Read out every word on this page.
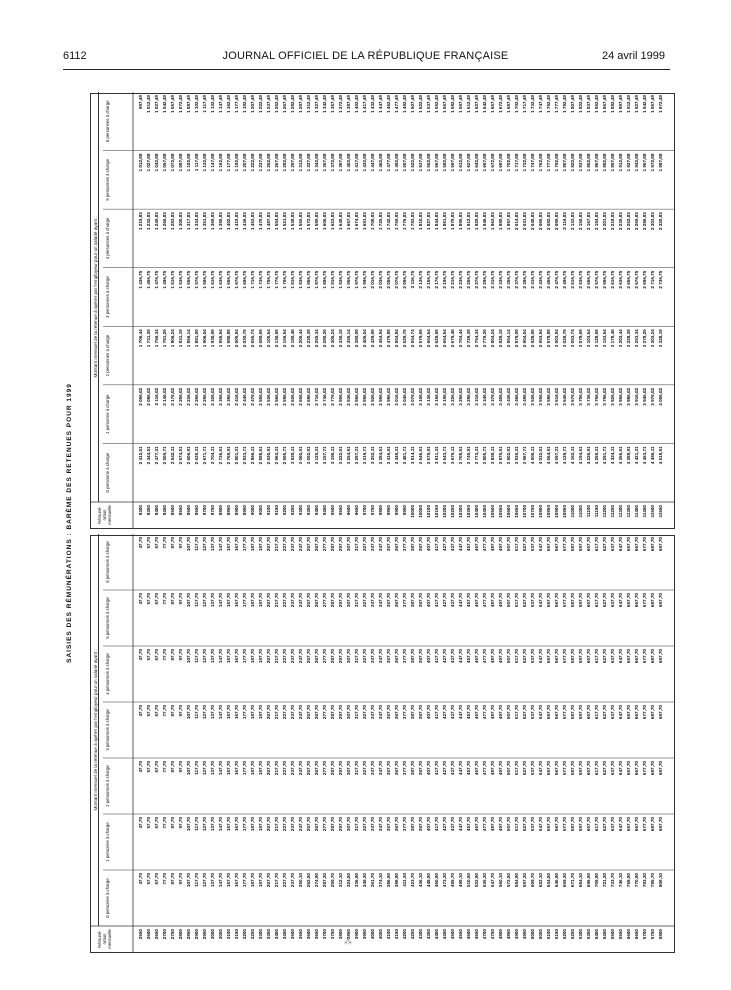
6112	JOURNAL OFFICIEL DE LA RÉPUBLIQUE FRANÇAISE	24 avril 1999
SAISIES DES RÉMUNÉRATIONS : BARÈME DES RETENUES POUR 1999
Rémuné-ration mensuelle
Montant mensuel de la retenue à opérer par l'employeur pour un salarié ayant :
0 personne à charge
1 personne à charge
2 personnes à charge
3 personnes à charge
4 personnes à charge
5 personnes à charge
6 personnes à charge
2550
47,70
47,70
47,70
47,70
47,70
47,70
47,70
2600
57,70
57,70
57,70
57,70
57,70
57,70
57,70
2650
67,70
67,70
67,70
67,70
67,70
67,70
67,70
2700
77,70
77,70
77,70
77,70
77,70
77,70
77,70
2750
87,70
87,70
87,70
87,70
87,70
87,70
87,70
2800
97,70
97,70
97,70
97,70
97,70
97,70
97,70
2850
107,70
107,70
107,70
107,70
107,70
107,70
107,70
2900
117,70
117,70
117,70
117,70
117,70
117,70
117,70
2950
127,70
127,70
127,70
127,70
127,70
127,70
127,70
3000
137,70
137,70
137,70
137,70
137,70
137,70
137,70
3050
147,70
147,70
147,70
147,70
147,70
147,70
147,70
3100
157,70
157,70
157,70
157,70
157,70
157,70
157,70
3150
167,70
167,70
167,70
167,70
167,70
167,70
167,70
3200
177,70
177,70
177,70
177,70
177,70
177,70
177,70
3250
187,70
187,70
187,70
187,70
187,70
187,70
187,70
3300
197,70
197,70
197,70
197,70
197,70
197,70
197,70
3350
207,70
207,70
207,70
207,70
207,70
207,70
207,70
3400
217,70
217,70
217,70
217,70
217,70
217,70
217,70
3450
227,70
227,70
227,70
227,70
227,70
227,70
227,70
3500
237,70
237,70
237,70
237,70
237,70
237,70
237,70
3550
250,10
247,70
247,70
247,70
247,70
247,70
247,70
3600
262,50
257,70
257,70
257,70
257,70
257,70
257,70
3650
274,90
267,70
267,70
267,70
267,70
267,70
267,70
3700
287,30
277,70
277,70
277,70
277,70
277,70
277,70
3750
299,70
287,70
287,70
287,70
287,70
287,70
287,70
3800
312,10
297,70
297,70
297,70
297,70
297,70
297,70
3850
324,50
307,70
307,70
307,70
307,70
307,70
307,70
3900
336,90
317,70
317,70
317,70
317,70
317,70
317,70
3950
349,30
327,70
327,70
327,70
327,70
327,70
327,70
4000
361,70
337,70
337,70
337,70
337,70
337,70
337,70
4050
374,10
347,70
347,70
347,70
347,70
347,70
347,70
4100
386,50
357,70
357,70
357,70
357,70
357,70
357,70
4150
398,90
367,70
367,70
367,70
367,70
367,70
367,70
4200
411,30
377,70
377,70
377,70
377,70
377,70
377,70
4250
423,70
387,70
387,70
387,70
387,70
387,70
387,70
4300
436,10
397,70
397,70
397,70
397,70
397,70
397,70
4350
448,50
407,70
407,70
407,70
407,70
407,70
407,70
4400
460,90
417,70
417,70
417,70
417,70
417,70
417,70
4450
473,30
427,70
427,70
427,70
427,70
427,70
427,70
4500
485,70
437,70
437,70
437,70
437,70
437,70
437,70
4550
498,10
447,70
447,70
447,70
447,70
447,70
447,70
4600
510,50
457,70
457,70
457,70
457,70
457,70
457,70
4650
522,90
467,70
467,70
467,70
467,70
467,70
467,70
4700
535,30
477,70
477,70
477,70
477,70
477,70
477,70
4750
547,70
487,70
487,70
487,70
487,70
487,70
487,70
4800
560,10
497,70
497,70
497,70
497,70
497,70
497,70
4850
572,50
507,70
507,70
507,70
507,70
507,70
507,70
4900
584,90
517,70
517,70
517,70
517,70
517,70
517,70
4950
597,30
527,70
527,70
527,70
527,70
527,70
527,70
5000
609,70
537,70
537,70
537,70
537,70
537,70
537,70
5050
622,10
547,70
547,70
547,70
547,70
547,70
547,70
5100
634,50
557,70
557,70
557,70
557,70
557,70
557,70
5150
646,90
567,70
567,70
567,70
567,70
567,70
567,70
5200
659,30
577,70
577,70
577,70
577,70
577,70
577,70
5250
671,70
587,70
587,70
587,70
587,70
587,70
587,70
5300
684,10
597,70
597,70
597,70
597,70
597,70
597,70
5350
696,50
607,70
607,70
607,70
607,70
607,70
607,70
5400
708,90
617,70
617,70
617,70
617,70
617,70
617,70
5450
721,30
627,70
627,70
627,70
627,70
627,70
627,70
5500
733,70
637,70
637,70
637,70
637,70
637,70
637,70
5550
746,10
647,70
647,70
647,70
647,70
647,70
647,70
5600
758,50
657,70
657,70
657,70
657,70
657,70
657,70
5650
770,90
667,70
667,70
667,70
667,70
667,70
667,70
5700
783,30
677,70
677,70
677,70
677,70
677,70
677,70
5750
795,70
687,70
687,70
687,70
687,70
687,70
687,70
5800
808,10
697,70
697,70
697,70
697,70
697,70
697,70
Rémuné-ration mensuelle
Montant mensuel de la retenue à opérer par l'employeur pour un salarié ayant :
0 personne à charge
1 personne à charge
2 personnes à charge
3 personnes à charge
4 personnes à charge
5 personnes à charge
6 personnes à charge
8300
2 412,51
2 056,02
1 706,44
1 436,75
1 215,83
1 012,88
997,49
8350
2 444,91
2 086,02
1 731,39
1 456,75
1 232,83
1 027,88
1 012,49
8400
2 477,31
2 116,02
1 756,34
1 476,75
1 249,83
1 042,88
1 027,49
8450
2 509,71
2 146,02
1 781,29
1 496,75
1 266,83
1 057,88
1 042,49
8500
2 542,11
2 176,02
1 806,24
1 516,75
1 283,83
1 072,88
1 057,49
8550
2 574,51
2 206,02
1 831,19
1 536,75
1 300,83
1 087,88
1 072,49
8600
2 606,91
2 236,02
1 856,14
1 556,75
1 317,83
1 102,88
1 087,49
8650
2 639,31
2 266,02
1 881,09
1 576,75
1 334,83
1 117,88
1 102,49
8700
2 671,71
2 296,02
1 906,04
1 596,75
1 351,83
1 132,88
1 117,49
8750
2 704,11
2 326,02
1 930,99
1 616,75
1 368,83
1 147,88
1 132,49
8800
2 736,51
2 356,02
1 955,94
1 636,75
1 385,83
1 162,88
1 147,49
8850
2 768,91
2 386,02
1 980,89
1 656,75
1 402,83
1 177,88
1 162,49
8900
2 801,31
2 416,02
2 005,84
1 676,75
1 419,83
1 192,88
1 177,49
8950
2 833,71
2 446,02
2 030,79
1 696,75
1 436,83
1 207,88
1 192,49
9000
2 866,11
2 476,02
2 055,74
1 716,75
1 453,83
1 222,88
1 207,49
9050
2 898,51
2 506,02
2 080,69
1 736,75
1 470,83
1 237,88
1 222,49
9100
2 930,91
2 536,02
2 105,64
1 756,75
1 487,83
1 252,88
1 237,49
9150
2 963,31
2 566,02
2 130,59
1 776,75
1 504,83
1 267,88
1 252,49
9200
2 995,71
2 596,02
2 155,54
1 796,75
1 521,83
1 282,88
1 267,49
9250
3 028,11
2 626,02
2 180,49
1 816,75
1 538,83
1 297,88
1 282,49
9300
3 060,51
2 656,02
2 205,44
1 836,75
1 555,83
1 312,88
1 297,49
9350
3 092,91
2 686,02
2 230,39
1 856,75
1 572,83
1 327,88
1 312,49
9400
3 125,31
2 716,02
2 255,34
1 876,75
1 589,83
1 342,88
1 327,49
9450
3 157,71
2 746,02
2 280,29
1 896,75
1 606,83
1 357,88
1 342,49
9500
3 190,11
2 776,02
2 305,24
1 916,75
1 623,83
1 372,88
1 357,49
9550
3 222,51
2 806,02
2 330,19
1 936,75
1 640,83
1 387,88
1 372,49
9600
3 254,91
2 836,02
2 355,14
1 956,75
1 657,83
1 402,88
1 387,49
9650
3 287,31
2 866,02
2 380,09
1 976,75
1 674,83
1 417,88
1 402,49
9700
3 319,71
2 896,02
2 405,04
1 996,75
1 691,83
1 432,88
1 417,49
9750
3 352,11
2 926,02
2 429,99
2 016,75
1 708,83
1 447,88
1 432,49
9800
3 384,51
2 956,02
2 454,94
2 036,75
1 725,83
1 462,88
1 447,49
9850
3 416,91
2 986,02
2 479,89
2 056,75
1 742,83
1 477,88
1 462,49
9900
3 449,31
3 016,02
2 504,84
2 076,75
1 759,83
1 492,88
1 477,49
9950
3 481,71
3 046,02
2 529,79
2 096,75
1 776,83
1 507,88
1 492,49
10000
3 514,11
3 076,02
2 554,74
2 116,75
1 793,83
1 522,88
1 507,49
10050
3 546,51
3 106,02
2 579,69
2 136,75
1 810,83
1 537,88
1 522,49
10100
3 578,91
3 136,02
2 604,64
2 156,75
1 827,83
1 552,88
1 537,49
10150
3 611,31
3 166,02
2 629,59
2 176,75
1 844,83
1 567,88
1 552,49
10200
3 643,71
3 196,02
2 654,54
2 196,75
1 861,83
1 582,88
1 567,49
10250
3 676,11
3 226,02
2 679,49
2 216,75
1 878,83
1 597,88
1 582,49
10300
3 708,51
3 256,02
2 704,44
2 236,75
1 895,83
1 612,88
1 597,49
10350
3 740,91
3 286,02
2 729,39
2 256,75
1 912,83
1 627,88
1 612,49
10400
3 773,31
3 316,02
2 754,34
2 276,75
1 929,83
1 642,88
1 627,49
10450
3 805,71
3 346,02
2 779,29
2 296,75
1 946,83
1 657,88
1 642,49
10500
3 838,11
3 376,02
2 804,24
2 316,75
1 963,83
1 672,88
1 657,49
10550
3 870,51
3 406,02
2 829,19
2 336,75
1 980,83
1 687,88
1 672,49
10600
3 902,91
3 436,02
2 854,14
2 356,75
1 997,83
1 702,88
1 687,49
10650
3 935,31
3 466,02
2 879,09
2 376,75
2 014,83
1 717,88
1 702,49
10700
3 967,71
3 496,02
2 904,04
2 396,75
2 031,83
1 732,88
1 717,49
10750
4 000,11
3 526,02
2 928,99
2 416,75
2 048,83
1 747,88
1 732,49
10800
4 032,51
3 556,02
2 953,94
2 436,75
2 065,83
1 762,88
1 747,49
10850
4 064,91
3 586,02
2 978,89
2 456,75
2 082,83
1 777,88
1 762,49
10900
4 097,31
3 616,02
3 003,84
2 476,75
2 099,83
1 792,88
1 777,49
10950
4 129,71
3 646,02
3 028,79
2 496,75
2 116,83
1 807,88
1 792,49
11000
4 162,11
3 676,02
3 053,74
2 516,75
2 133,83
1 822,88
1 807,49
11050
4 194,51
3 706,02
3 078,69
2 536,75
2 150,83
1 837,88
1 822,49
11100
4 226,91
3 736,02
3 103,64
2 556,75
2 167,83
1 852,88
1 837,49
11150
4 259,31
3 766,02
3 128,59
2 576,75
2 184,83
1 867,88
1 852,49
11200
4 291,71
3 796,02
3 153,54
2 596,75
2 201,83
1 882,88
1 867,49
11250
4 324,11
3 826,02
3 178,49
2 616,75
2 218,83
1 897,88
1 882,49
11300
4 356,51
3 856,02
3 203,44
2 636,75
2 235,83
1 912,88
1 897,49
11350
4 388,91
3 886,02
3 228,39
2 656,75
2 252,83
1 927,88
1 912,49
11400
4 421,31
3 916,02
3 253,34
2 676,75
2 269,83
1 942,88
1 927,49
11450
4 453,71
3 946,02
3 278,29
2 696,75
2 286,83
1 957,88
1 942,49
11500
4 486,11
3 976,02
3 303,24
2 716,75
2 303,83
1 972,88
1 957,49
11550
4 518,51
4 006,02
3 328,19
2 736,75
2 320,83
1 987,88
1 972,49
⁂
